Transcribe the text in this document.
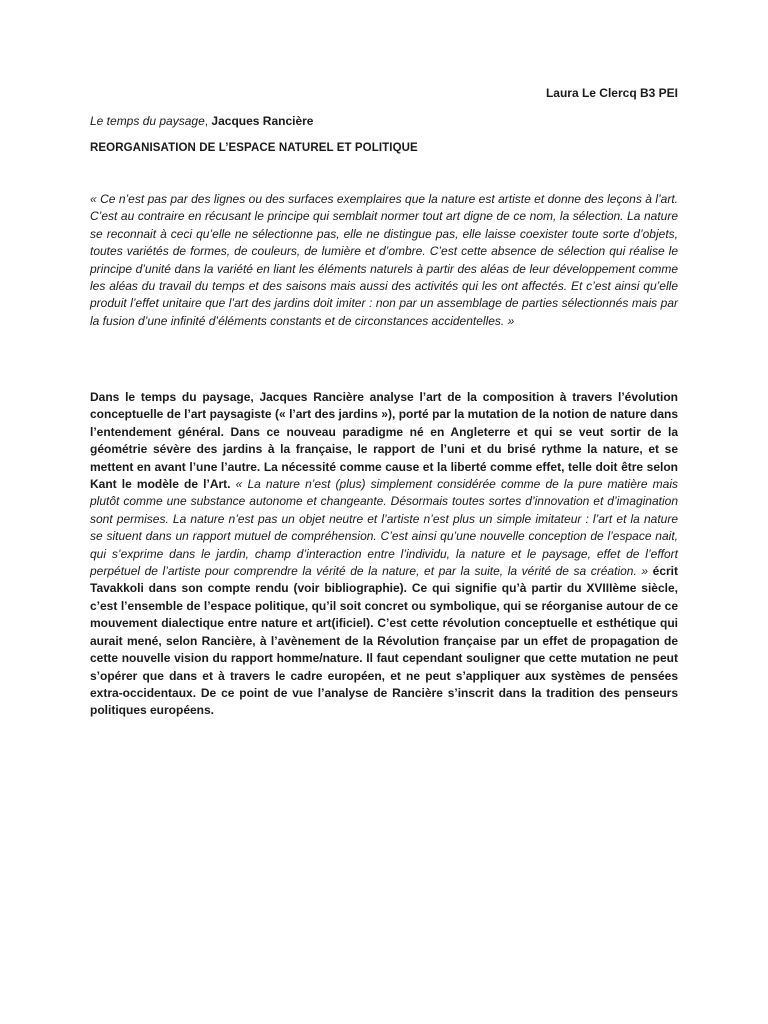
Laura Le Clercq B3 PEI
Le temps du paysage, Jacques Rancière
REORGANISATION DE L’ESPACE NATUREL ET POLITIQUE

« Ce n’est pas par des lignes ou des surfaces exemplaires que la nature est artiste et donne des leçons à l’art. C’est au contraire en récusant le principe qui semblait normer tout art digne de ce nom, la sélection. La nature se reconnait à ceci qu’elle ne sélectionne pas, elle ne distingue pas, elle laisse coexister toute sorte d’objets, toutes variétés de formes, de couleurs, de lumière et d’ombre. C’est cette absence de sélection qui réalise le principe d’unité dans la variété en liant les éléments naturels à partir des aléas de leur développement comme les aléas du travail du temps et des saisons mais aussi des activités qui les ont affectés. Et c’est ainsi qu’elle produit l’effet unitaire que l’art des jardins doit imiter : non par un assemblage de parties sélectionnés mais par la fusion d’une infinité d’éléments constants et de circonstances accidentelles. »

Dans le temps du paysage, Jacques Rancière analyse l’art de la composition à travers l’évolution conceptuelle de l’art paysagiste (« l’art des jardins »), porté par la mutation de la notion de nature dans l’entendement général. Dans ce nouveau paradigme né en Angleterre et qui se veut sortir de la géométrie sévère des jardins à la française, le rapport de l’uni et du brisé rythme la nature, et se mettent en avant l’une l’autre. La nécessité comme cause et la liberté comme effet, telle doit être selon Kant le modèle de l’Art. « La nature n’est (plus) simplement considérée comme de la pure matière mais plutôt comme une substance autonome et changeante. Désormais toutes sortes d’innovation et d’imagination sont permises. La nature n’est pas un objet neutre et l’artiste n’est plus un simple imitateur : l’art et la nature se situent dans un rapport mutuel de compréhension. C’est ainsi qu’une nouvelle conception de l’espace nait, qui s’exprime dans le jardin, champ d’interaction entre l’individu, la nature et le paysage, effet de l’effort perpétuel de l’artiste pour comprendre la vérité de la nature, et par la suite, la vérité de sa création. » écrit Tavakkoli dans son compte rendu (voir bibliographie). Ce qui signifie qu’à partir du XVIIIème siècle, c’est l’ensemble de l’espace politique, qu’il soit concret ou symbolique, qui se réorganise autour de ce mouvement dialectique entre nature et art(ificiel). C’est cette révolution conceptuelle et esthétique qui aurait mené, selon Rancière, à l’avènement de la Révolution française par un effet de propagation de cette nouvelle vision du rapport homme/nature. Il faut cependant souligner que cette mutation ne peut s’opérer que dans et à travers le cadre européen, et ne peut s’appliquer aux systèmes de pensées extra-occidentaux. De ce point de vue l’analyse de Rancière s’inscrit dans la tradition des penseurs politiques européens.
